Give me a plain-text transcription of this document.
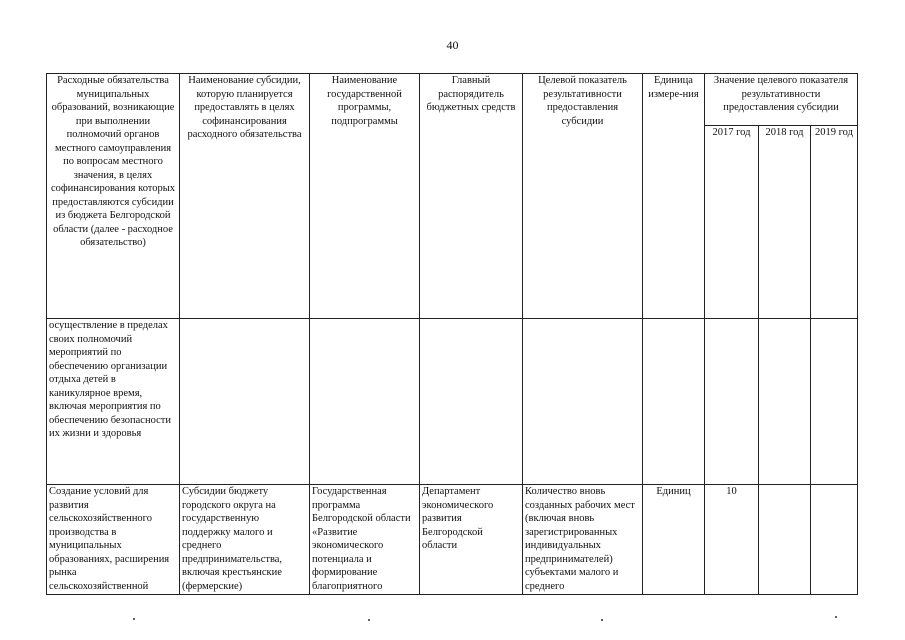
40
Расходные обязательства муниципальных образований, возникающие при выполнении полномочий органов местного самоуправления по вопросам местного значения, в целях софинансирования которых предоставляются субсидии из бюджета Белгородской области (далее - расходное обязательство)	Наименование субсидии, которую планируется предоставлять в целях софинансирования расходного обязательства	Наименование государственной программы, подпрограммы	Главный распорядитель бюджетных средств	Целевой показатель результативности предоставления субсидии	Единица измере-ния	Значение целевого показателя результативности предоставления субсидии		
						2017 год	2018 год	2019 год
осуществление в пределах своих полномочий мероприятий по обеспечению организации отдыха детей в каникулярное время, включая мероприятия по обеспечению безопасности их жизни и здоровья								

Создание условий для развития сельскохозяйственного производства в муниципальных образованиях, расширения рынка сельскохозяйственной	Субсидии бюджету городского округа на государственную поддержку малого и среднего предпринимательства, включая крестьянские (фермерские)	Государственная программа Белгородской области «Развитие экономического потенциала и формирование благоприятного	Департамент экономического развития Белгородской области	Количество вновь созданных рабочих мест (включая вновь зарегистрированных индивидуальных предпринимателей) субъектами малого и среднего	Единиц	10		
